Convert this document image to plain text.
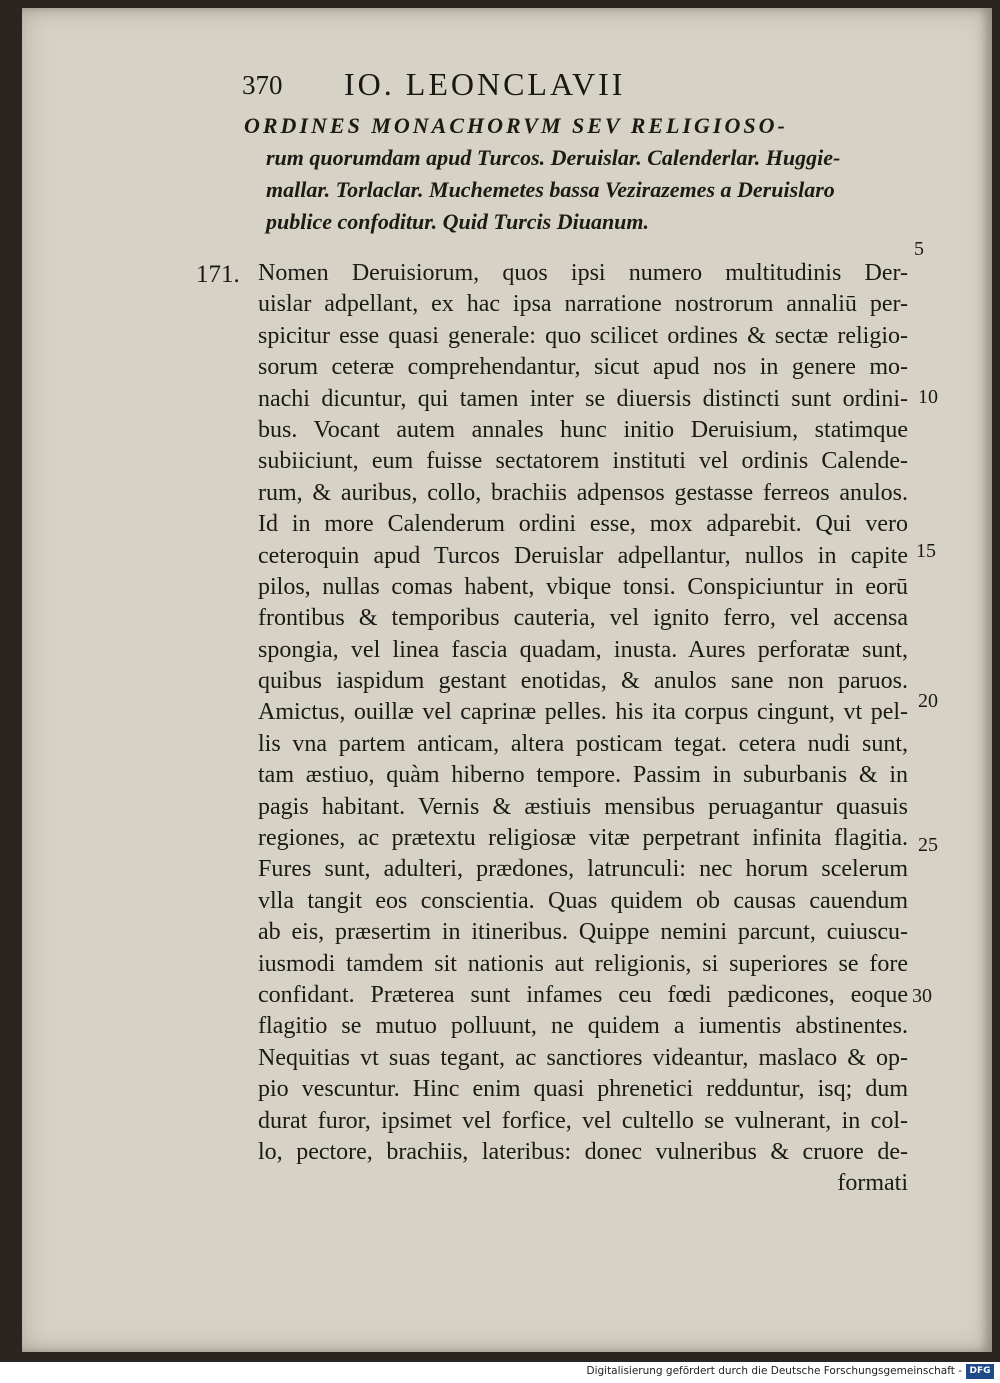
370 IO. LEONCLAVII
ORDINES MONACHORVM SEV RELIGIOSO-
rum quorumdam apud Turcos. Deruislar. Calenderlar. Huggie-
mallar. Torlaclar. Muchemetes bassa Vezirazemes a Deruislaro
publice confoditur. Quid Turcis Diuanum.
171. Nomen Deruisiorum, quos ipsi numero multitudinis Der-
uislar adpellant, ex hac ipsa narratione nostrorum annaliū per-
spicitur esse quasi generale: quo scilicet ordines & sectæ religio-
sorum ceteræ comprehendantur, sicut apud nos in genere mo-
nachi dicuntur, qui tamen inter se diuersis distincti sunt ordini-
bus. Vocant autem annales hunc initio Deruisium, statimque
subiiciunt, eum fuisse sectatorem instituti vel ordinis Calende-
rum, & auribus, collo, brachiis adpensos gestasse ferreos anulos.
Id in more Calenderum ordini esse, mox adparebit. Qui vero
ceteroquin apud Turcos Deruislar adpellantur, nullos in capite
pilos, nullas comas habent, vbique tonsi. Conspiciuntur in eorū
frontibus & temporibus cauteria, vel ignito ferro, vel accensa
spongia, vel linea fascia quadam, inusta. Aures perforatæ sunt,
quibus iaspidum gestant enotidas, & anulos sane non paruos.
Amictus, ouillæ vel caprinæ pelles. his ita corpus cingunt, vt pel-
lis vna partem anticam, altera posticam tegat. cetera nudi sunt,
tam æstiuo, quàm hiberno tempore. Passim in suburbanis & in
pagis habitant. Vernis & æstiuis mensibus peruagantur quasuis
regiones, ac prætextu religiosæ vitæ perpetrant infinita flagitia.
Fures sunt, adulteri, prædones, latrunculi: nec horum scelerum
vlla tangit eos conscientia. Quas quidem ob causas cauendum
ab eis, præsertim in itineribus. Quippe nemini parcunt, cuiuscu-
iusmodi tamdem sit nationis aut religionis, si superiores se fore
confidant. Præterea sunt infames ceu fœdi pædicones, eoque
flagitio se mutuo polluunt, ne quidem a iumentis abstinentes.
Nequitias vt suas tegant, ac sanctiores videantur, maslaco & op-
pio vescuntur. Hinc enim quasi phrenetici redduntur, isq; dum
durat furor, ipsimet vel forfice, vel cultello se vulnerant, in col-
lo, pectore, brachiis, lateribus: donec vulneribus & cruore de-
formati
5
10
15
20
25
30
Digitalisierung gefördert durch die Deutsche Forschungsgemeinschaft - DFG
